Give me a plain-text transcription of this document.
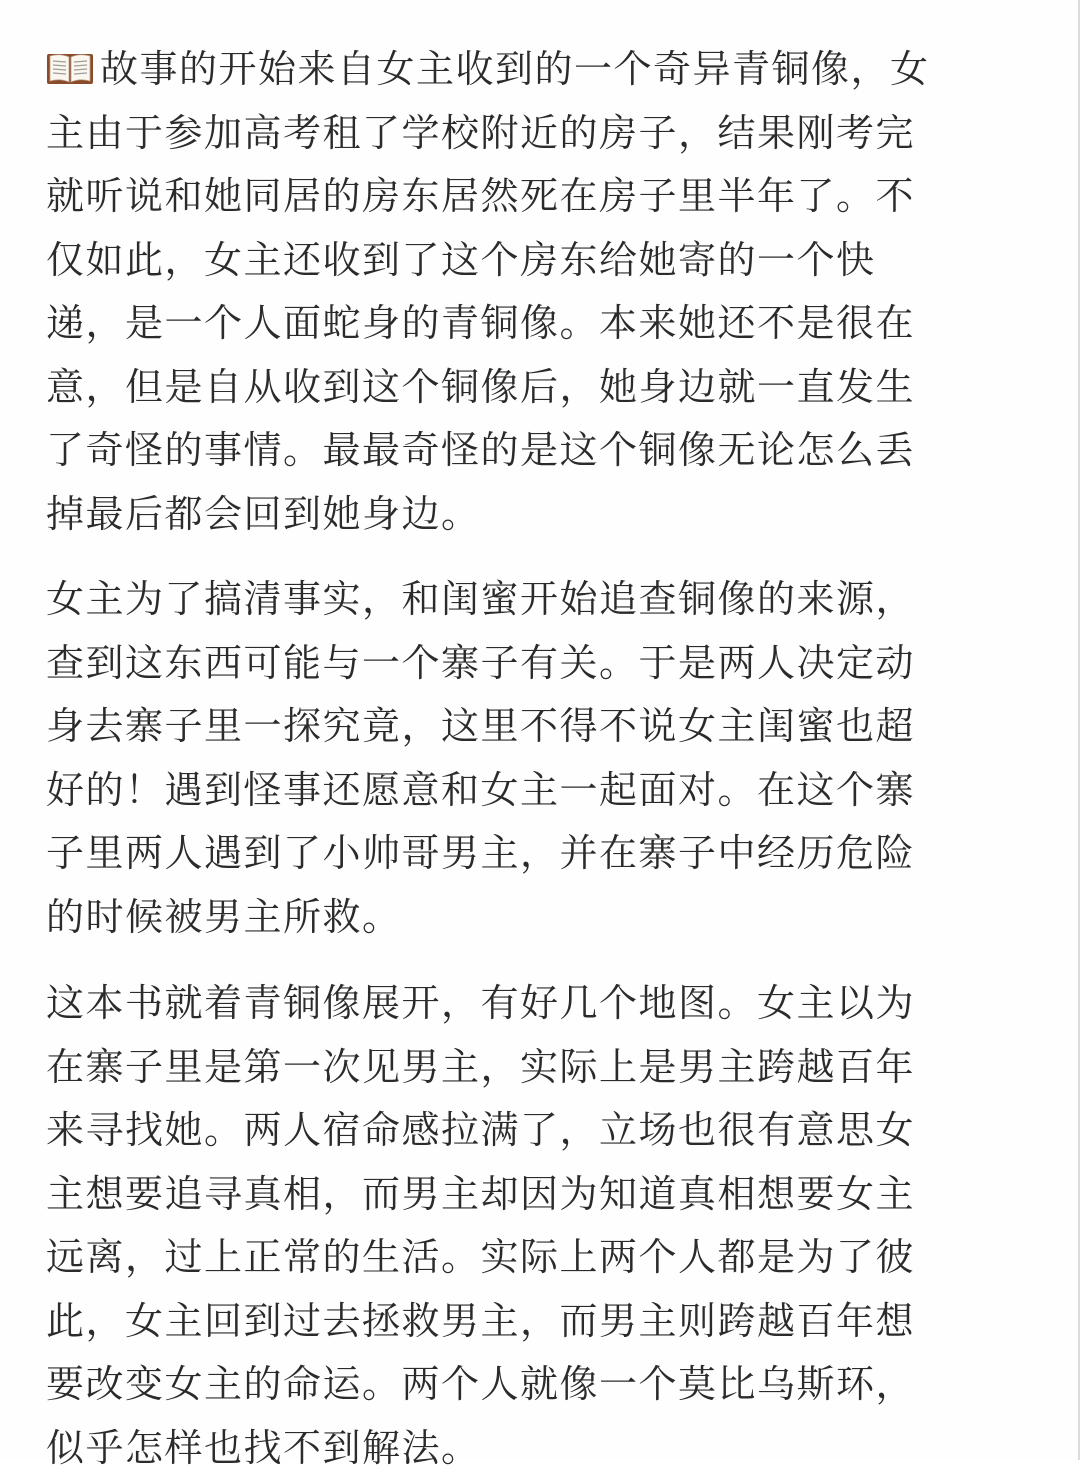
故事的开始来自女主收到的一个奇异青铜像，女
主由于参加高考租了学校附近的房子，结果刚考完
就听说和她同居的房东居然死在房子里半年了。不
仅如此，女主还收到了这个房东给她寄的一个快
递，是一个人面蛇身的青铜像。本来她还不是很在
意，但是自从收到这个铜像后，她身边就一直发生
了奇怪的事情。最最奇怪的是这个铜像无论怎么丢
掉最后都会回到她身边。

女主为了搞清事实，和闺蜜开始追查铜像的来源，
查到这东西可能与一个寨子有关。于是两人决定动
身去寨子里一探究竟，这里不得不说女主闺蜜也超
好的！遇到怪事还愿意和女主一起面对。在这个寨
子里两人遇到了小帅哥男主，并在寨子中经历危险
的时候被男主所救。

这本书就着青铜像展开，有好几个地图。女主以为
在寨子里是第一次见男主，实际上是男主跨越百年
来寻找她。两人宿命感拉满了，立场也很有意思女
主想要追寻真相，而男主却因为知道真相想要女主
远离，过上正常的生活。实际上两个人都是为了彼
此，女主回到过去拯救男主，而男主则跨越百年想
要改变女主的命运。两个人就像一个莫比乌斯环，
似乎怎样也找不到解法。
